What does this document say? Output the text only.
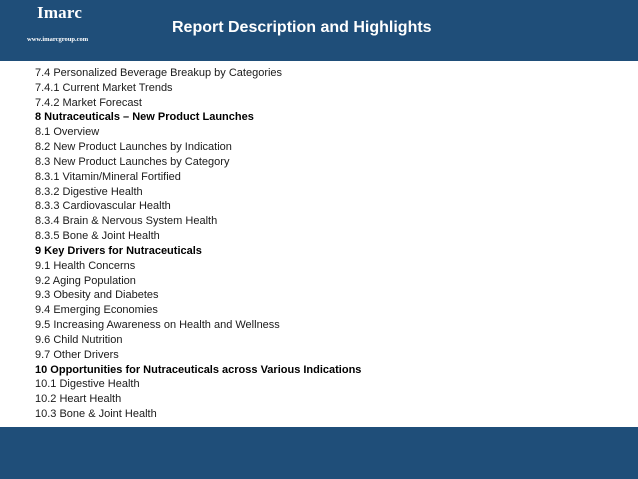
Imarc
www.imarcgroup.com
Report Description and Highlights
7.4 Personalized Beverage Breakup by Categories
7.4.1 Current Market Trends
7.4.2 Market Forecast
8 Nutraceuticals – New Product Launches
8.1 Overview
8.2 New Product Launches by Indication
8.3 New Product Launches by Category
8.3.1 Vitamin/Mineral Fortified
8.3.2 Digestive Health
8.3.3 Cardiovascular Health
8.3.4 Brain & Nervous System Health
8.3.5 Bone & Joint Health
9 Key Drivers for Nutraceuticals
9.1 Health Concerns
9.2 Aging Population
9.3 Obesity and Diabetes
9.4 Emerging Economies
9.5 Increasing Awareness on Health and Wellness
9.6 Child Nutrition
9.7 Other Drivers
10 Opportunities for Nutraceuticals across Various Indications
10.1 Digestive Health
10.2 Heart Health
10.3 Bone & Joint Health
